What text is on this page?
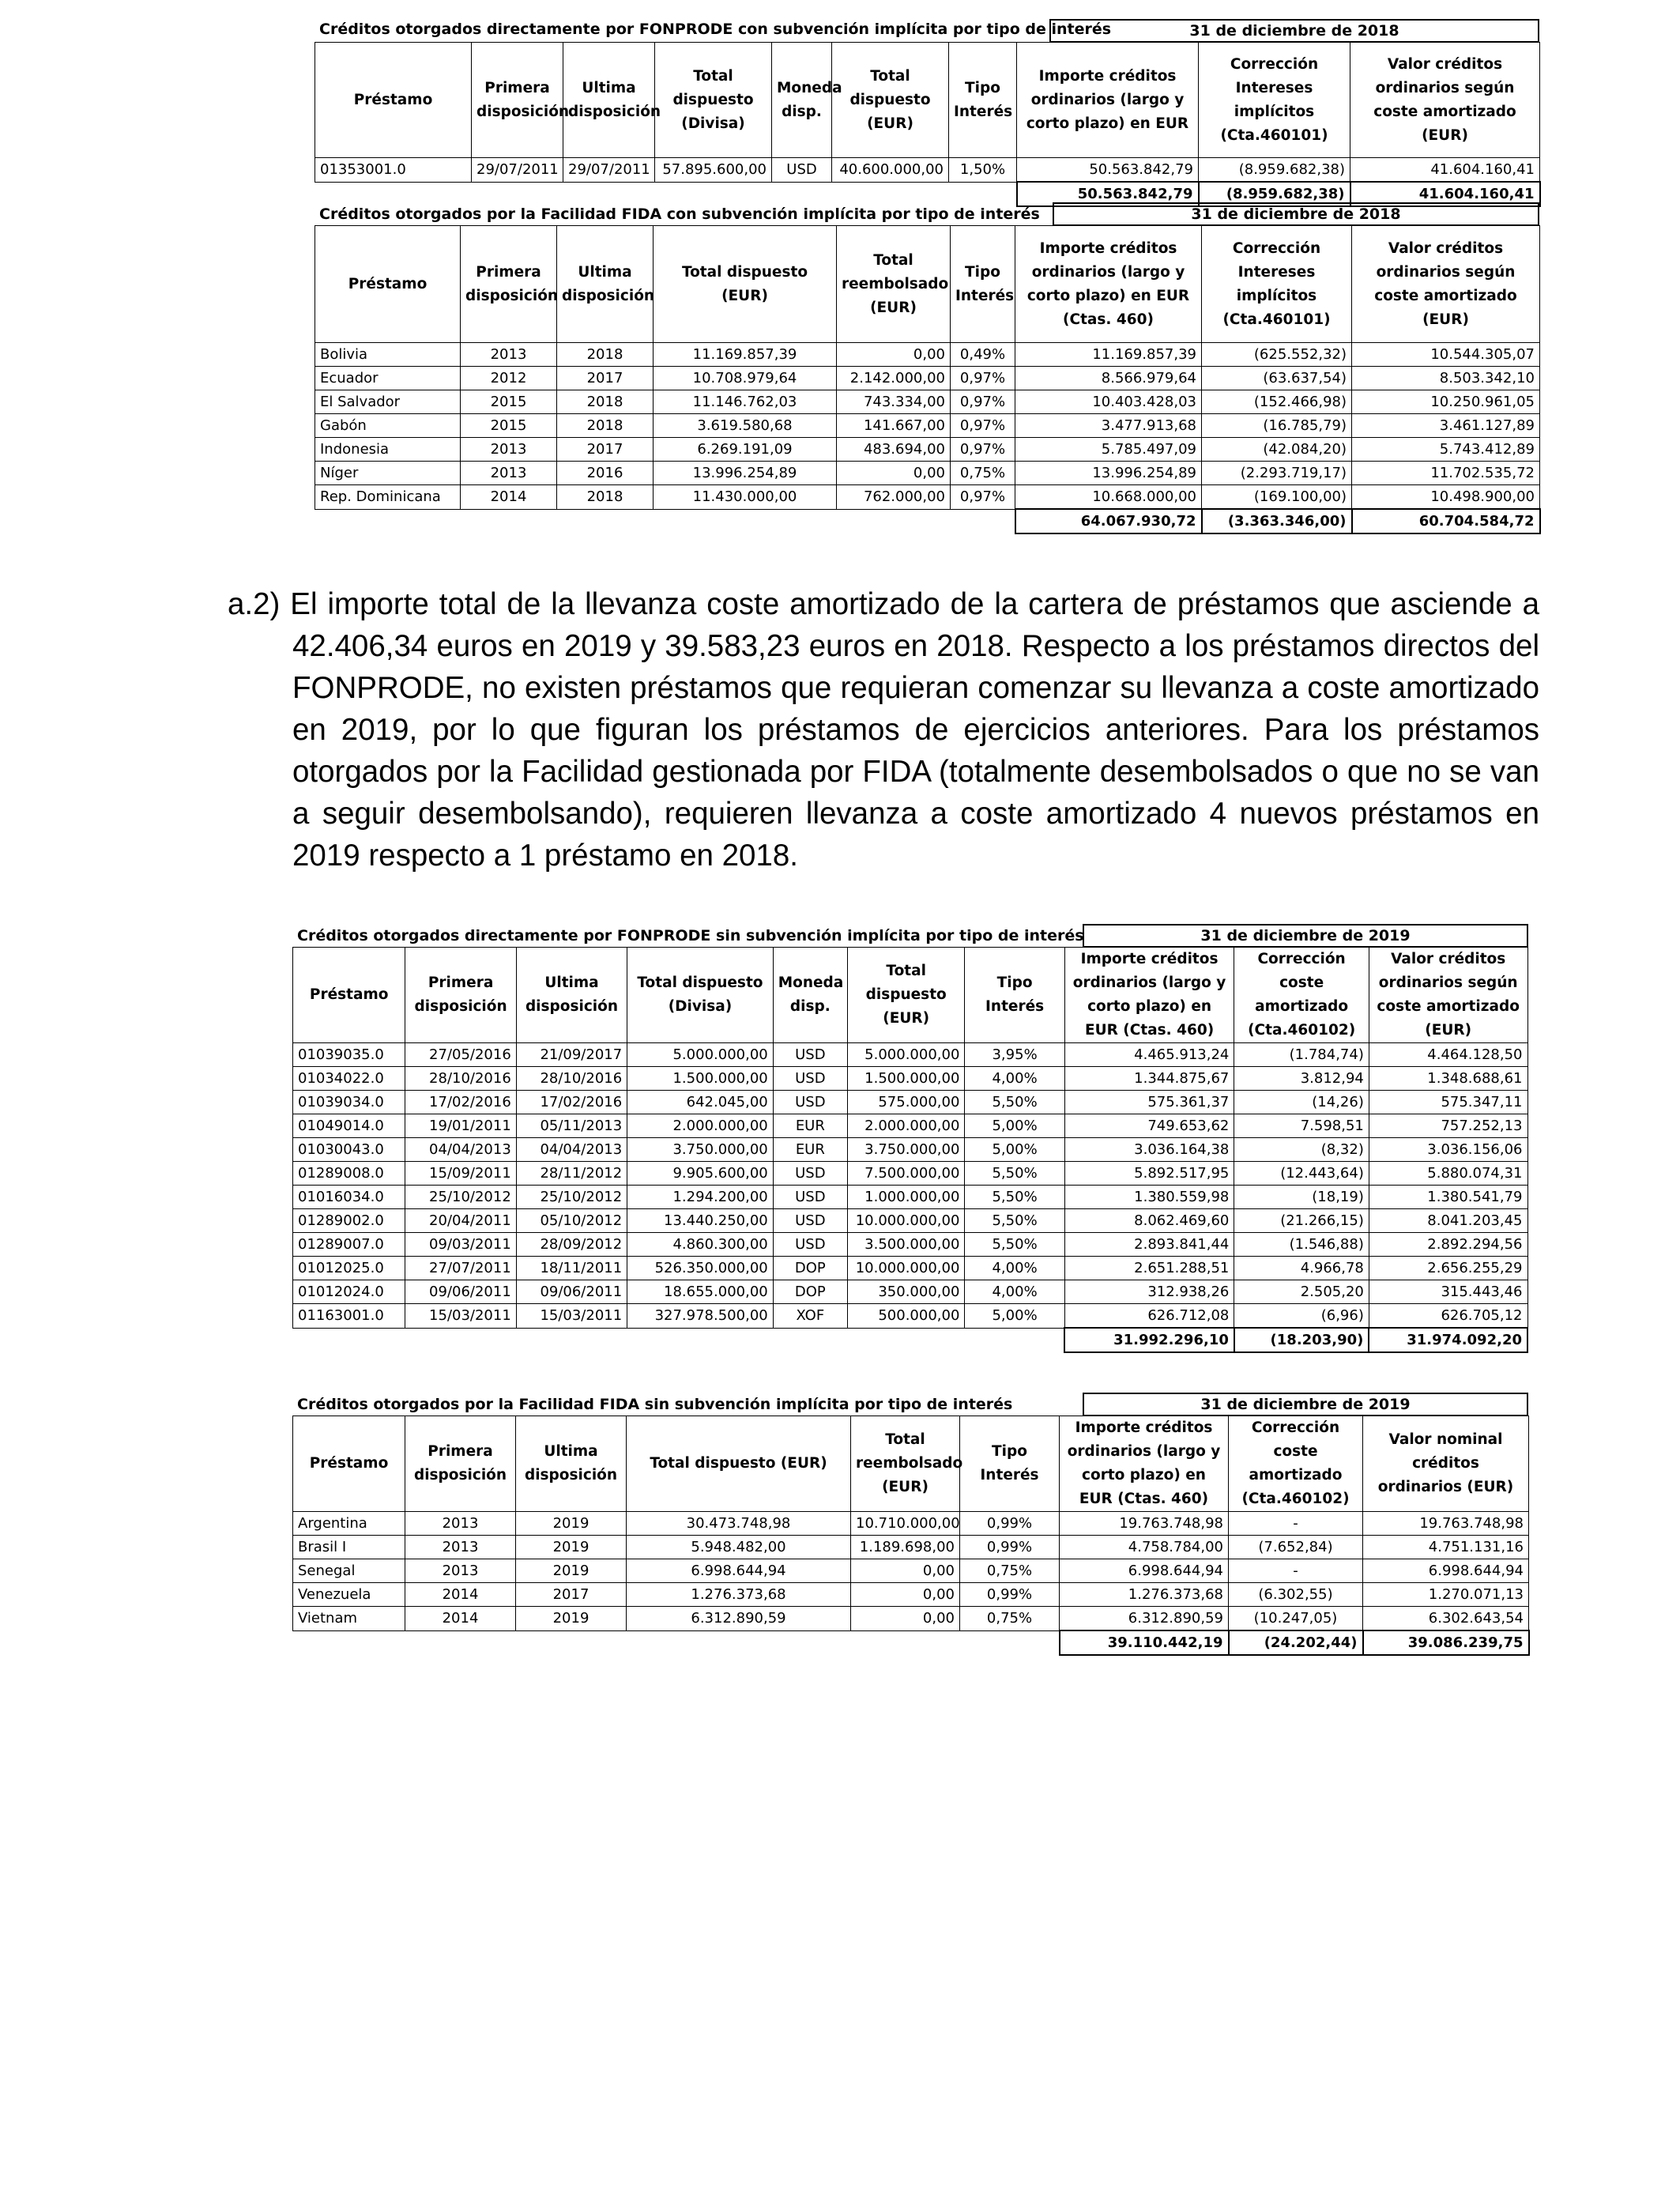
Créditos otorgados directamente por FONPRODE con subvención implícita por tipo de interés	31 de diciembre de 2018
Préstamo	Primera disposición	Ultima disposición	Total dispuesto (Divisa)	Moneda disp.	Total dispuesto (EUR)	Tipo Interés	Importe créditos ordinarios (largo y corto plazo) en EUR	Corrección Intereses implícitos (Cta.460101)	Valor créditos ordinarios según coste amortizado (EUR)
01353001.0	29/07/2011	29/07/2011	57.895.600,00	USD	40.600.000,00	1,50%	50.563.842,79	(8.959.682,38)	41.604.160,41
							50.563.842,79	(8.959.682,38)	41.604.160,41
Créditos otorgados por la Facilidad FIDA con subvención implícita por tipo de interés	31 de diciembre de 2018
Préstamo	Primera disposición	Ultima disposición	Total dispuesto (EUR)	Total reembolsado (EUR)	Tipo Interés	Importe créditos ordinarios (largo y corto plazo) en EUR (Ctas. 460)	Corrección Intereses implícitos (Cta.460101)	Valor créditos ordinarios según coste amortizado (EUR)
Bolivia	2013	2018	11.169.857,39	0,00	0,49%	11.169.857,39	(625.552,32)	10.544.305,07
Ecuador	2012	2017	10.708.979,64	2.142.000,00	0,97%	8.566.979,64	(63.637,54)	8.503.342,10
El Salvador	2015	2018	11.146.762,03	743.334,00	0,97%	10.403.428,03	(152.466,98)	10.250.961,05
Gabón	2015	2018	3.619.580,68	141.667,00	0,97%	3.477.913,68	(16.785,79)	3.461.127,89
Indonesia	2013	2017	6.269.191,09	483.694,00	0,97%	5.785.497,09	(42.084,20)	5.743.412,89
Níger	2013	2016	13.996.254,89	0,00	0,75%	13.996.254,89	(2.293.719,17)	11.702.535,72
Rep. Dominicana	2014	2018	11.430.000,00	762.000,00	0,97%	10.668.000,00	(169.100,00)	10.498.900,00
						64.067.930,72	(3.363.346,00)	60.704.584,72
a.2) El importe total de la llevanza coste amortizado de la cartera de préstamos que asciende a 42.406,34 euros en 2019 y 39.583,23 euros en 2018. Respecto a los préstamos directos del FONPRODE, no existen préstamos que requieran comenzar su llevanza a coste amortizado en 2019, por lo que figuran los préstamos de ejercicios anteriores. Para los préstamos otorgados por la Facilidad gestionada por FIDA (totalmente desembolsados o que no se van a seguir desembolsando), requieren llevanza a coste amortizado 4 nuevos préstamos en 2019 respecto a 1 préstamo en 2018.
Créditos otorgados directamente por FONPRODE sin subvención implícita por tipo de interés	31 de diciembre de 2019
Préstamo	Primera disposición	Ultima disposición	Total dispuesto (Divisa)	Moneda disp.	Total dispuesto (EUR)	Tipo Interés	Importe créditos ordinarios (largo y corto plazo) en EUR (Ctas. 460)	Corrección coste amortizado (Cta.460102)	Valor créditos ordinarios según coste amortizado (EUR)
01039035.0	27/05/2016	21/09/2017	5.000.000,00	USD	5.000.000,00	3,95%	4.465.913,24	(1.784,74)	4.464.128,50
01034022.0	28/10/2016	28/10/2016	1.500.000,00	USD	1.500.000,00	4,00%	1.344.875,67	3.812,94	1.348.688,61
01039034.0	17/02/2016	17/02/2016	642.045,00	USD	575.000,00	5,50%	575.361,37	(14,26)	575.347,11
01049014.0	19/01/2011	05/11/2013	2.000.000,00	EUR	2.000.000,00	5,00%	749.653,62	7.598,51	757.252,13
01030043.0	04/04/2013	04/04/2013	3.750.000,00	EUR	3.750.000,00	5,00%	3.036.164,38	(8,32)	3.036.156,06
01289008.0	15/09/2011	28/11/2012	9.905.600,00	USD	7.500.000,00	5,50%	5.892.517,95	(12.443,64)	5.880.074,31
01016034.0	25/10/2012	25/10/2012	1.294.200,00	USD	1.000.000,00	5,50%	1.380.559,98	(18,19)	1.380.541,79
01289002.0	20/04/2011	05/10/2012	13.440.250,00	USD	10.000.000,00	5,50%	8.062.469,60	(21.266,15)	8.041.203,45
01289007.0	09/03/2011	28/09/2012	4.860.300,00	USD	3.500.000,00	5,50%	2.893.841,44	(1.546,88)	2.892.294,56
01012025.0	27/07/2011	18/11/2011	526.350.000,00	DOP	10.000.000,00	4,00%	2.651.288,51	4.966,78	2.656.255,29
01012024.0	09/06/2011	09/06/2011	18.655.000,00	DOP	350.000,00	4,00%	312.938,26	2.505,20	315.443,46
01163001.0	15/03/2011	15/03/2011	327.978.500,00	XOF	500.000,00	5,00%	626.712,08	(6,96)	626.705,12
							31.992.296,10	(18.203,90)	31.974.092,20
Créditos otorgados por la Facilidad FIDA sin subvención implícita por tipo de interés	31 de diciembre de 2019
Préstamo	Primera disposición	Ultima disposición	Total dispuesto (EUR)	Total reembolsado (EUR)	Tipo Interés	Importe créditos ordinarios (largo y corto plazo) en EUR (Ctas. 460)	Corrección coste amortizado (Cta.460102)	Valor nominal créditos ordinarios (EUR)
Argentina	2013	2019	30.473.748,98	10.710.000,00	0,99%	19.763.748,98	-	19.763.748,98
Brasil I	2013	2019	5.948.482,00	1.189.698,00	0,99%	4.758.784,00	(7.652,84)	4.751.131,16
Senegal	2013	2019	6.998.644,94	0,00	0,75%	6.998.644,94	-	6.998.644,94
Venezuela	2014	2017	1.276.373,68	0,00	0,99%	1.276.373,68	(6.302,55)	1.270.071,13
Vietnam	2014	2019	6.312.890,59	0,00	0,75%	6.312.890,59	(10.247,05)	6.302.643,54
						39.110.442,19	(24.202,44)	39.086.239,75
